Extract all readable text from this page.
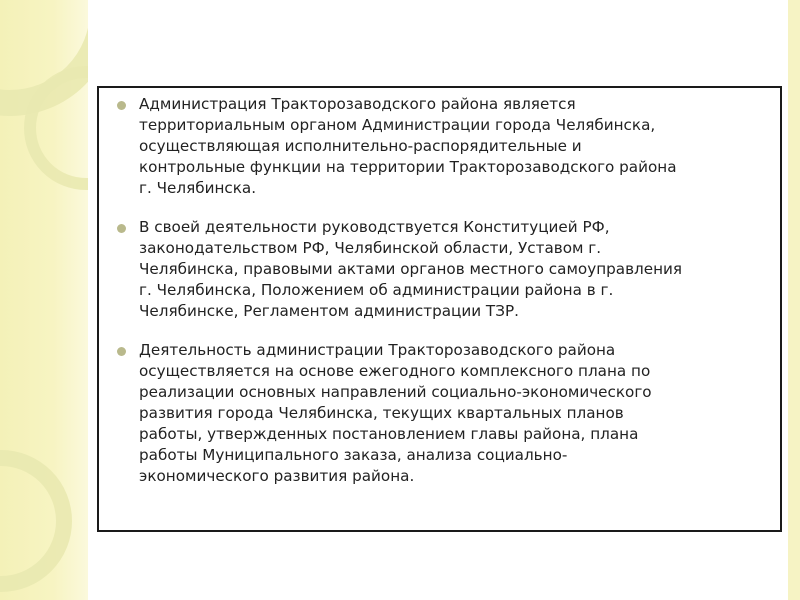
Администрация Тракторозаводского района является
территориальным органом Администрации города Челябинска,
осуществляющая исполнительно-распорядительные и
контрольные функции на территории Тракторозаводского района
г. Челябинска.
В своей деятельности руководствуется Конституцией РФ,
законодательством РФ, Челябинской области, Уставом г.
Челябинска, правовыми актами органов местного самоуправления
г. Челябинска, Положением об администрации района в г.
Челябинске, Регламентом администрации ТЗР.
Деятельность администрации Тракторозаводского района
осуществляется на основе ежегодного комплексного плана по
реализации основных направлений социально-экономического
развития города Челябинска, текущих квартальных планов
работы, утвержденных постановлением главы района, плана
работы Муниципального заказа, анализа социально-
экономического развития района.
